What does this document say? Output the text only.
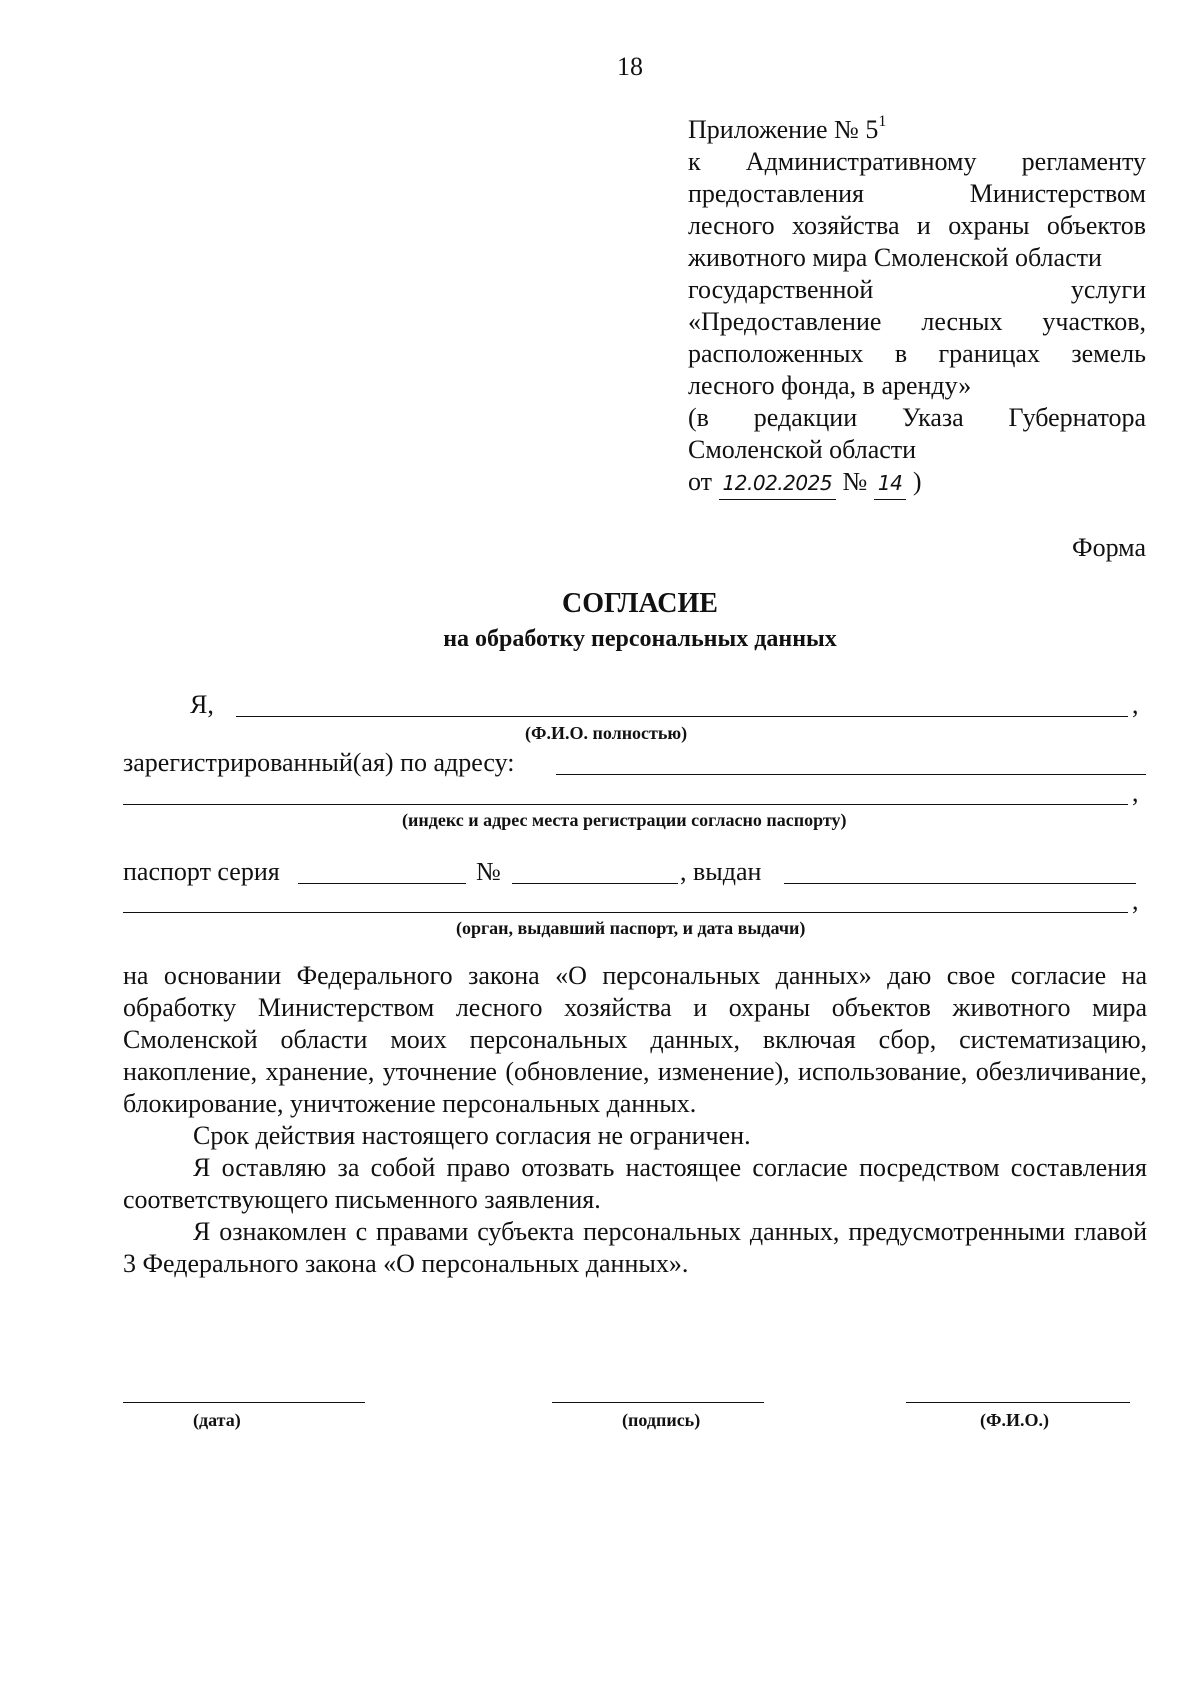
18
Приложение № $5^1$
к Административному регламенту
предоставления Министерством
лесного хозяйства и охраны объектов
животного мира Смоленской области
государственной услуги
«Предоставление лесных участков,
расположенных в границах земель
лесного фонда, в аренду»
(в редакции Указа Губернатора
Смоленской области
от 12.02.2025 № 14 )
Форма
СОГЛАСИЕ
на обработку персональных данных
Я,	,
(Ф.И.О. полностью)
зарегистрированный(ая) по адресу:
,
(индекс и адрес места регистрации согласно паспорту)
паспорт серия	№	, выдан
,
(орган, выдавший паспорт, и дата выдачи)

на основании Федерального закона «О персональных данных» даю свое согласие на обработку Министерством лесного хозяйства и охраны объектов животного мира Смоленской области моих персональных данных, включая сбор, систематизацию, накопление, хранение, уточнение (обновление, изменение), использование, обезличивание, блокирование, уничтожение персональных данных.

Срок действия настоящего согласия не ограничен.

Я оставляю за собой право отозвать настоящее согласие посредством составления соответствующего письменного заявления.

Я ознакомлен с правами субъекта персональных данных, предусмотренными главой 3 Федерального закона «О персональных данных».

(дата)	(подпись)	(Ф.И.О.)
